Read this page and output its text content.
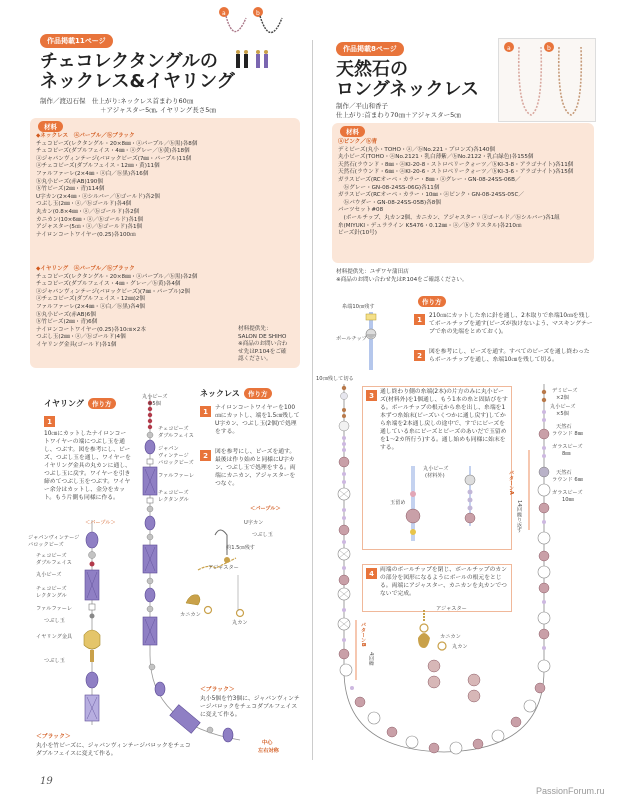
作品掲載11ページ
a	b
チェコレクタングルの
ネックレス&イヤリング
制作／渡辺石保　仕上がり:ネックレス首まわり60㎝
＋アジャスター5㎝, イヤリング長さ5㎝
材料
◆ネックレス　ⓐパープル／ⓑブラック
チェコビーズ(レクタングル・20×8㎜・ⓐパープル／ⓑ黒)各8個
チェコビーズ(ダブルフェイス・4㎜・ⓐグレー／ⓑ黄)各18個
ⓐジャパンヴィンテージ(バロックビーズ(7㎜・パープル)11個
ⓐチェコビーズ(ダブルフェイス・12㎜・黄)11個
ファルファーレ(2×4㎜・ⓐ白／ⓑ黒)各16個
ⓑ丸小ビーズ(赤AB)190個
ⓑ竹ビーズ(2㎜・青)114個
U字カン(2×4㎜・ⓐシルバー／ⓑゴールド)各2個
つぶし玉(2㎜・ⓐ／ⓑゴールド)各4個
丸カン(0.8×4㎜・ⓐ／ⓑゴールド)各2個
カニカン(10×6㎜・ⓐ／ⓑゴールド)各1個
アジャスター(5㎝・ⓐ／ⓑゴールド)各1個
ナイロンコートワイヤー(0.25)各100㎝
◆イヤリング　ⓐパープル／ⓑブラック
チェコビーズ(レクタングル・20×8㎜・ⓐパープル／ⓑ黒)各2個
チェコビーズ(ダブルフェイス・4㎜・グレー／ⓑ黄)各4個
ⓐジャパンヴィンテージ(バロックビーズ)(7㎜・パープル)2個
ⓐチェコビーズ(ダブルフェイス・12㎜)2個
ファルファーレ(2×4㎜・ⓐ白／ⓑ黒)各4個
ⓑ丸小ビーズ(赤AB)6個
ⓑ竹ビーズ(2㎜・青)6個
ナイロンコートワイヤー(0.25)各10㎝×2本
つぶし玉(2㎜・ⓐ／ⓑゴールド)4個
イヤリング金具(ゴールド)各1個
材料提供先：
SALON DE SHIHO
※商品のお問い合わ
せ先はP.104をご確
認ください。
イヤリング	作り方
1
10㎝にカットしたナイロンコートワイヤーの端につぶし玉を通し、つぶす。図を参考にし、ビーズ、つぶし玉を通し、ワイヤーをイヤリング金具の丸カンに通し、つぶし玉に戻す。ワイヤーを引き締めてつぶし玉をつぶす。ワイヤー余分はカットし、金分をカット。もう片側も同様に作る。
＜パープル＞
ジャパンヴィンテージ
バロックビーズ
チェコビーズ
ダブルフェイス
丸小ビーズ
チェコビーズ
レクタングル
ファルファーレ
つぶし玉
イヤリング金具
つぶし玉
＜ブラック＞
丸小を竹ビーズに、ジャパンヴィンテージバロックをチェコダブルフェイスに変えて作る。
ネックレス	作り方
1	ナイロンコートワイヤーを100㎝にカットし、端を1.5㎝残してU字カン、つぶし玉(2個)で処理をする。
2	図を参考にし、ビーズを通す。最後は作り始めと同様にU字カン、つぶし玉で処理をする。両端にカニカン、アジャスターをつなぐ。
丸小ビーズ
×5個
チェコビーズ
ダブルフェイス
ジャパン
ヴィンテージ
バロックビーズ
ファルファーレ
チェコビーズ
レクタングル
＜パープル＞
U字カン
つぶし玉
約1.5㎝残す
アジャスター
カニカン
丸カン
＜ブラック＞
丸小5個を竹3個に、ジャパンヴィンテージバロックをチェコダブルフェイスに変えて作る。
中心
左右対称
作品掲載8ページ	a	b
天然石の
ロングネックレス
制作／平山和香子
仕上がり:首まわり70㎝＋アジャスター5㎝
材料
ⓐピンク／ⓑ青
デミビーズ(丸小・TOHO・ⓐ／ⓑNo.221・ブロンズ)各140個
丸小ビーズ(TOHO・ⓐNo.2121・乳白薄紫／ⓑNo.2122・乳白緑色)各155個
天然石(ラウンド・8㎜・ⓐKI-20-8・ストロベリークォーツ／ⓑKI-3-8・アラゴナイト)各11個
天然石(ラウンド・6㎜・ⓐKI-20-6・ストロベリークォーツ／ⓑKI-3-6・アラゴナイト)各15個
ガラスビーズ(RCオーベ・カラー・8㎜・ⓐグレー・GN-08-24SS-06B／
　ⓑグレー・GN-08-24SS-06G)各11個
ガラスビーズ(RCオーベ・カラー・10㎜・ⓐピンク・GN-08-24SS-05C／
　ⓑパウダー・GN-08-24SS-05B)各8個
パーツセット#08
　(ボールチップ、丸カン2個、カニカン、アジャスター・ⓐゴールド／ⓑシルバー)各1組
糸(MIYUKI・デュラライン K5476・0.12㎜・ⓐ／ⓑクリスタル)各210㎝
ビーズ針(10号)
材料提供先：ユザワヤ蒲田店
※商品のお問い合わせ先はP.104をご確認ください。
作り方
糸端10㎝残す
ボールチップ
1	210㎝にカットした糸に針を通し、2本取りで糸端10㎝を残してボールチップを通す(ビーズが抜けないよう、マスキングテープで糸の先端をとめておく)。
2	図を参考にし、ビーズを通す。すべてのビーズを通し終わったらボールチップを通し、糸端10㎝を残して切る。
10㎝残して切る
3	通し終わり側の糸端(2本)の片方のみに丸小ビーズ(材料外)を1個通し、もう1本の糸と固結びをする。ボールチップの根元から糸を出し、糸端を1本ずつ糸始末(ビーズいくつかに通し戻す)してから糸端を2本通し戻しの途中で、すでにビーズを通している糸にビーズとビーズのあいだで玉留めを1〜2カ所行う)する。通し始めも同様に始末をする。
丸小ビーズ
(材料外)
玉留め
4	両端のボールチップを閉じ、ボールチップのカンの部分を図形になるようにボールの根元をとじる。両端にアジャスター、カニカンを丸カンでつないで完成。
デミビーズ
×2個
丸小ビーズ
×5個
天然石
ラウンド 8㎜
ガラスビーズ
8㎜
天然石
ラウンド 6㎜
ガラスビーズ
10㎜
パターンA
14回繰り返す
アジャスター
カニカン
丸カン
パターンB
4回繰
19
PassionForum.ru
